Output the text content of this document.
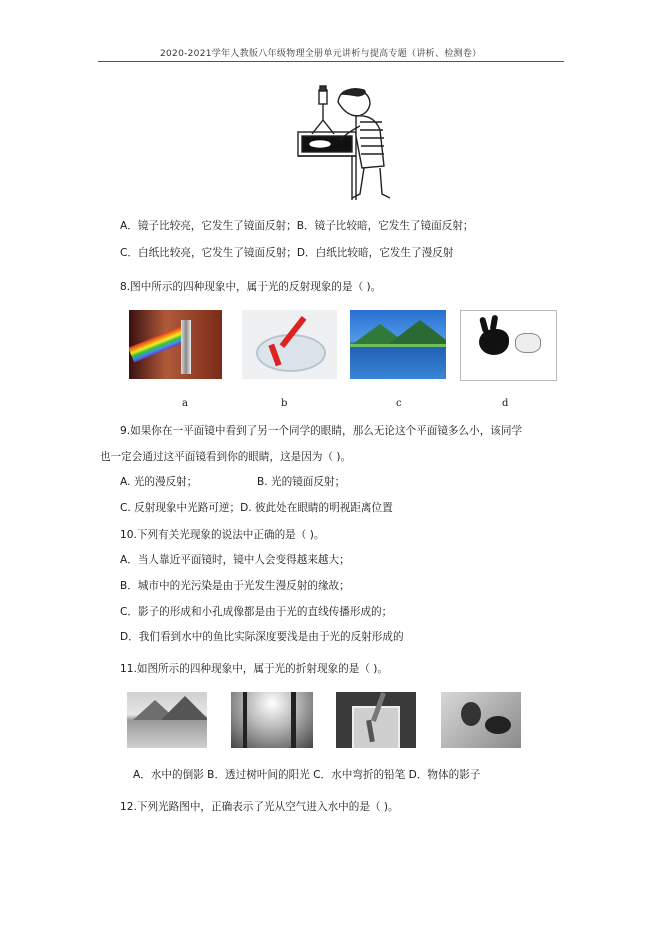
2020-2021学年人教版八年级物理全册单元讲析与提高专题（讲析、检测卷）
A．镜子比较亮，它发生了镜面反射；B．镜子比较暗，它发生了镜面反射；
C．白纸比较亮，它发生了镜面反射；D．白纸比较暗，它发生了漫反射
8.图中所示的四种现象中，属于光的反射现象的是（ )。
a	b	c	d
9.如果你在一平面镜中看到了另一个同学的眼睛，那么无论这个平面镜多么小，该同学
也一定会通过这平面镜看到你的眼睛，这是因为（ )。
A. 光的漫反射；	B. 光的镜面反射；
C. 反射现象中光路可逆；D. 彼此处在眼睛的明视距离位置
10.下列有关光现象的说法中正确的是（ )。
A．当人靠近平面镜时，镜中人会变得越来越大；
B．城市中的光污染是由于光发生漫反射的缘故；
C．影子的形成和小孔成像都是由于光的直线传播形成的；
D．我们看到水中的鱼比实际深度要浅是由于光的反射形成的
11.如图所示的四种现象中，属于光的折射现象的是（ )。
A．水中的倒影 B．透过树叶间的阳光 C．水中弯折的铅笔 D．物体的影子
12.下列光路图中，正确表示了光从空气进入水中的是（ )。
